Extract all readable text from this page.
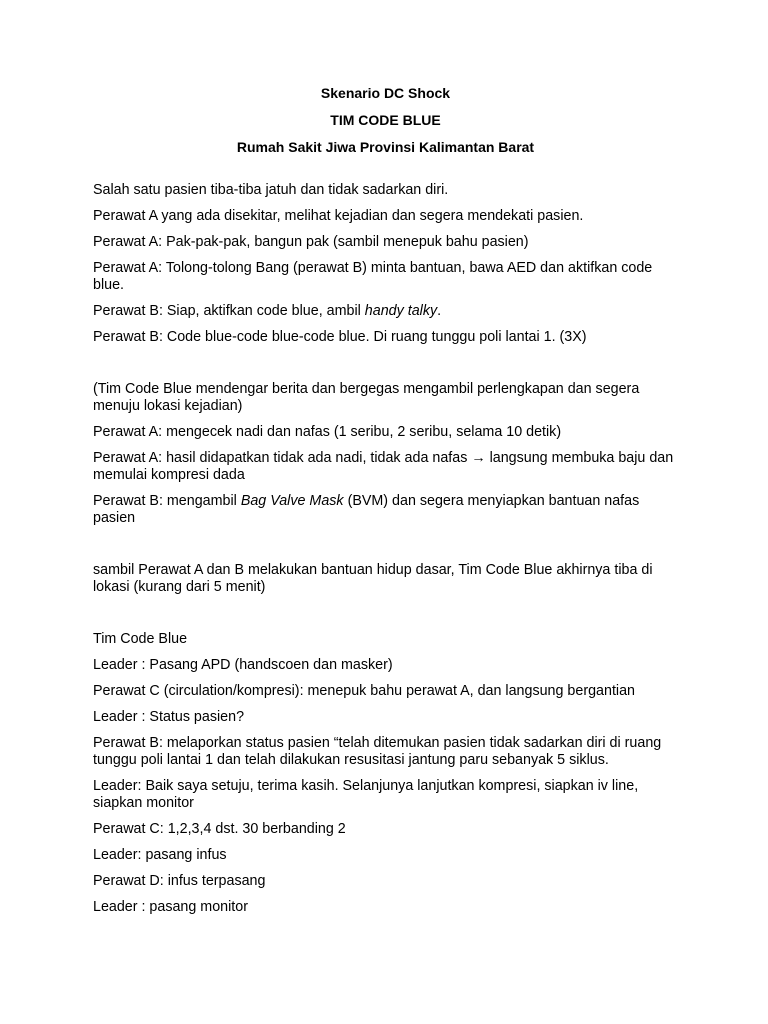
Skenario DC Shock
TIM CODE BLUE
Rumah Sakit Jiwa Provinsi Kalimantan Barat
Salah satu pasien tiba-tiba jatuh dan tidak sadarkan diri.
Perawat A yang ada disekitar, melihat kejadian dan segera mendekati pasien.
Perawat A: Pak-pak-pak, bangun pak (sambil menepuk bahu pasien)
Perawat A: Tolong-tolong Bang (perawat B) minta bantuan, bawa AED dan aktifkan code blue.
Perawat B: Siap, aktifkan code blue, ambil handy talky.
Perawat B: Code blue-code blue-code blue. Di ruang tunggu poli lantai 1. (3X)
(Tim Code Blue mendengar berita dan bergegas mengambil perlengkapan dan segera menuju lokasi kejadian)
Perawat A: mengecek nadi dan nafas (1 seribu, 2 seribu, selama 10 detik)
Perawat A: hasil didapatkan tidak ada nadi, tidak ada nafas → langsung membuka baju dan memulai kompresi dada
Perawat B: mengambil Bag Valve Mask (BVM) dan segera menyiapkan bantuan nafas pasien
sambil Perawat A dan B melakukan bantuan hidup dasar, Tim Code Blue akhirnya tiba di lokasi (kurang dari 5 menit)
Tim Code Blue
Leader : Pasang APD (handscoen dan masker)
Perawat C (circulation/kompresi): menepuk bahu perawat A, dan langsung bergantian
Leader : Status pasien?
Perawat B: melaporkan status pasien “telah ditemukan pasien tidak sadarkan diri di ruang tunggu poli lantai 1 dan telah dilakukan resusitasi jantung paru sebanyak 5 siklus.
Leader: Baik saya setuju, terima kasih. Selanjunya lanjutkan kompresi, siapkan iv line, siapkan monitor
Perawat C: 1,2,3,4 dst. 30 berbanding 2
Leader: pasang infus
Perawat D: infus terpasang
Leader : pasang monitor
